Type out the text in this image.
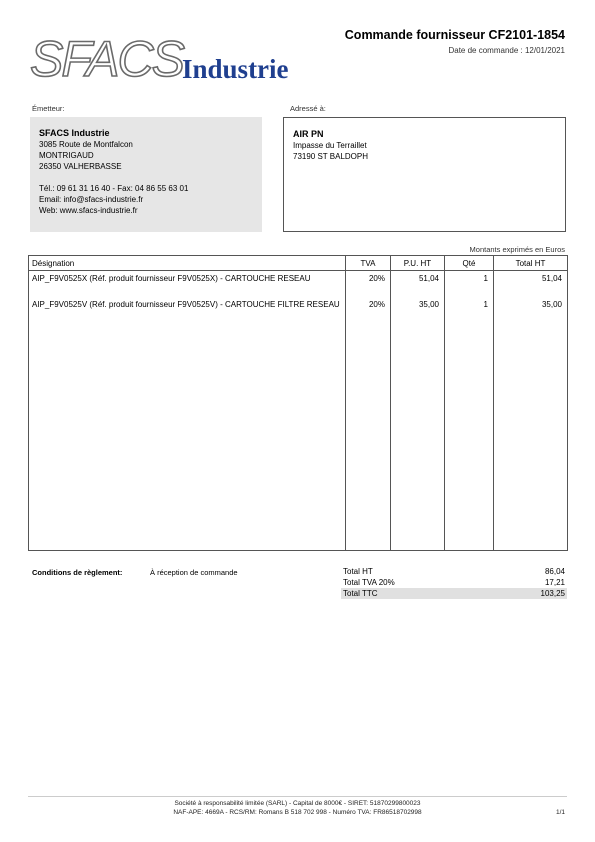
SFACS Industrie
Commande fournisseur CF2101-1854
Date de commande : 12/01/2021
Émetteur:	Adressé à:
SFACS Industrie
3085 Route de Montfalcon
MONTRIGAUD
26350 VALHERBASSE
Tél.: 09 61 31 16 40 - Fax: 04 86 55 63 01
Email: info@sfacs-industrie.fr
Web: www.sfacs-industrie.fr
AIR PN
Impasse du Terraillet
73190 ST BALDOPH
Montants exprimés en Euros
Désignation	TVA	P.U. HT	Qté	Total HT
AIP_F9V0525X (Réf. produit fournisseur F9V0525X) - CARTOUCHE RESEAU	20%	51,04	1	51,04
AIP_F9V0525V (Réf. produit fournisseur F9V0525V) - CARTOUCHE FILTRE RESEAU	20%	35,00	1	35,00

Conditions de règlement:	À réception de commande	Total HT	86,04
Total TVA 20%	17,21
Total TTC	103,25
Société à responsabilité limitée (SARL) - Capital de 8000€ - SIRET: 51870299800023
NAF-APE: 4669A - RCS/RM: Romans B 518 702 998 - Numéro TVA: FR86518702998	1/1
